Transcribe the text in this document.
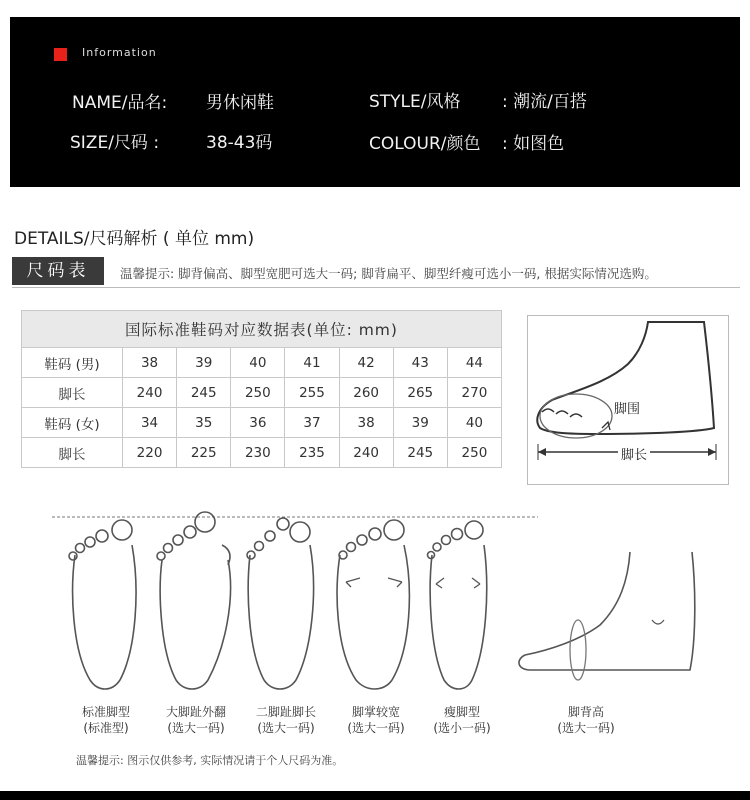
Information
NAME/品名: 男休闲鞋	STYLE/风格 : 潮流/百搭
SIZE/尺码 :	38-43码	COLOUR/颜色 : 如图色
DETAILS/尺码解析 ( 单位 mm)
尺码表	温馨提示: 脚背偏高、脚型宽肥可选大一码; 脚背扁平、脚型纤瘦可选小一码, 根据实际情况选购。
国际标准鞋码对应数据表(单位: mm)							
鞋码 (男)	38	39	40	41	42	43	44
脚长	240	245	250	255	260	265	270
鞋码 (女)	34	35	36	37	38	39	40
脚长	220	225	230	235	240	245	250
脚围
脚长
标准脚型
(标准型)
大脚趾外翻
(选大一码)
二脚趾脚长
(选大一码)
脚掌较宽
(选大一码)
瘦脚型
(选小一码)
脚背高
(选大一码)
温馨提示: 图示仅供参考, 实际情况请于个人尺码为准。
